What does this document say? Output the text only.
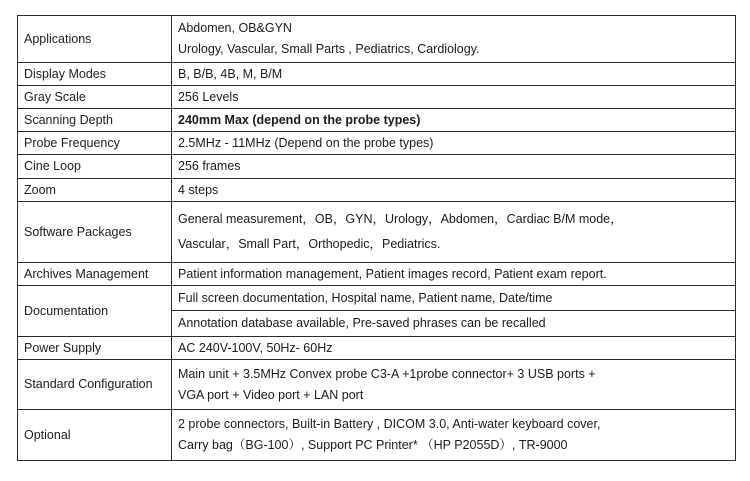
Applications	Abdomen, OB&GYN
Urology, Vascular, Small Parts , Pediatrics, Cardiology.

Display Modes	B, B/B, 4B, M, B/M
Gray Scale	256 Levels
Scanning Depth	240mm Max (depend on the probe types)
Probe Frequency	2.5MHz - 11MHz (Depend on the probe types)
Cine Loop	256 frames
Zoom	4 steps
Software Packages	General measurement，OB，GYN，Urology，Abdomen，Cardiac B/M mode，
Vascular，Small Part，Orthopedic，Pediatrics.

Archives Management	Patient information management, Patient images record, Patient exam report.
Documentation	Full screen documentation, Hospital name, Patient name, Date/time
	Annotation database available, Pre-saved phrases can be recalled
Power Supply	AC 240V-100V, 50Hz- 60Hz
Standard Configuration	Main unit + 3.5MHz Convex probe C3-A +1probe connector+ 3 USB ports +
VGA port + Video port + LAN port

Optional	2 probe connectors, Built-in Battery , DICOM 3.0, Anti-water keyboard cover,
Carry bag（BG-100）, Support PC Printer* （HP P2055D）, TR-9000
